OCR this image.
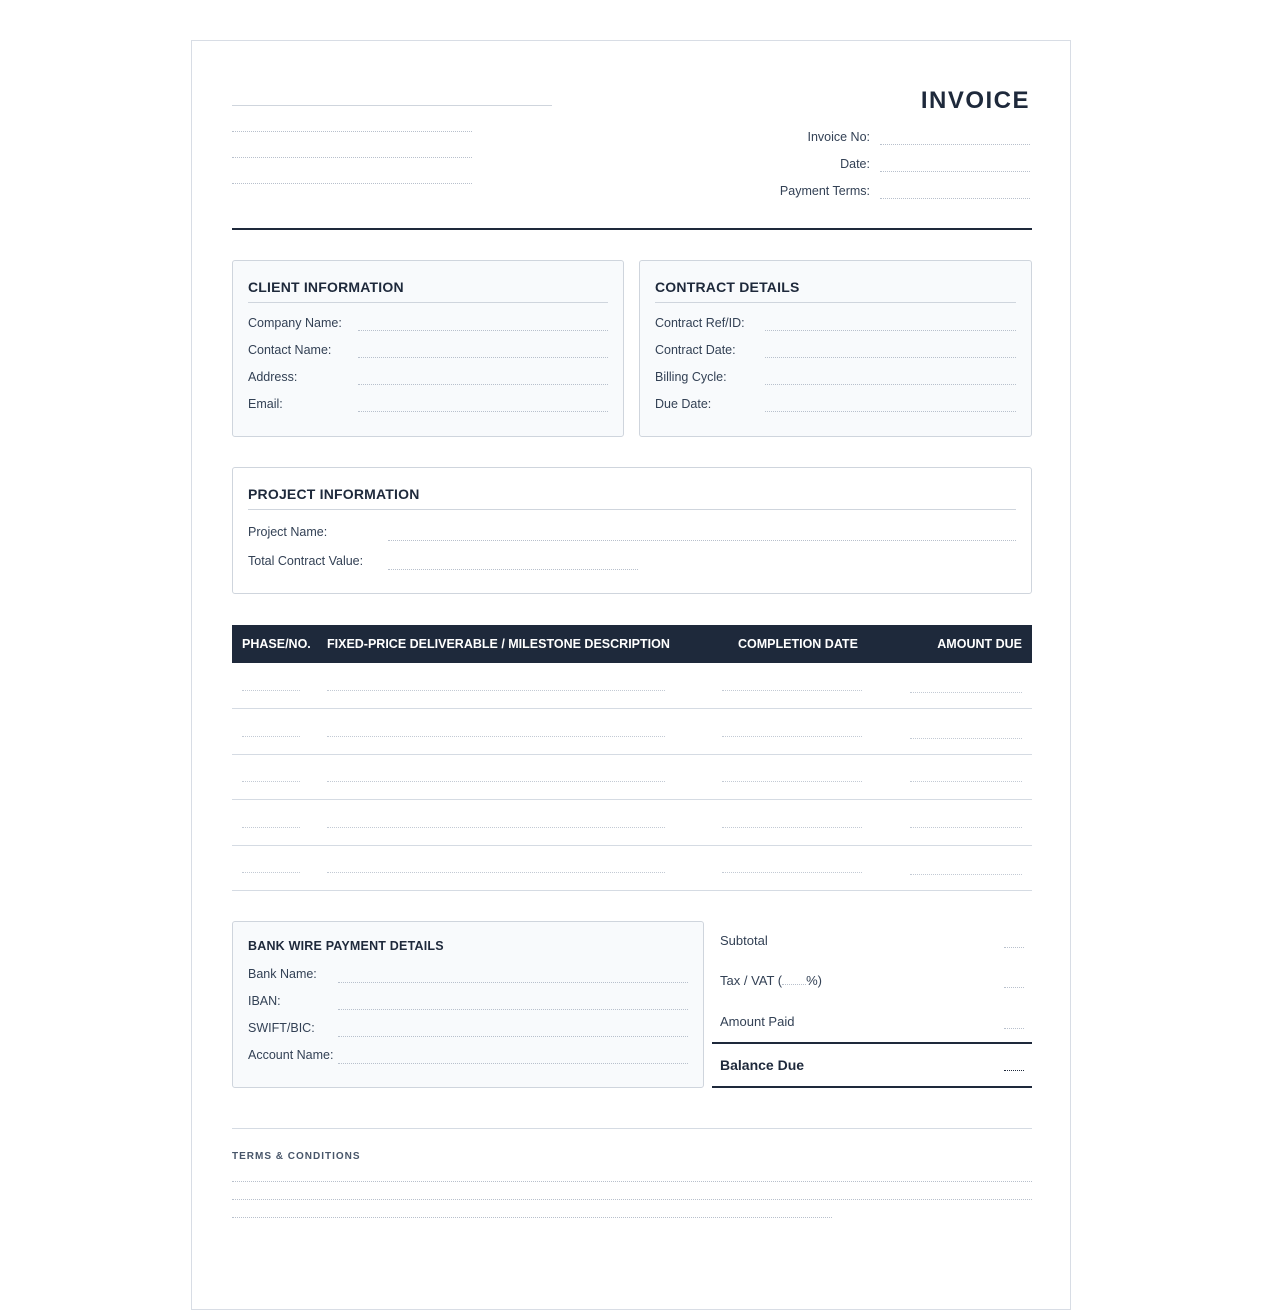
INVOICE
Invoice No:
Date:
Payment Terms:
CLIENT INFORMATION
Company Name:
Contact Name:
Address:
Email:
CONTRACT DETAILS
Contract Ref/ID:
Contract Date:
Billing Cycle:
Due Date:
PROJECT INFORMATION
Project Name:
Total Contract Value:
PHASE/NO. FIXED-PRICE DELIVERABLE / MILESTONE DESCRIPTION	COMPLETION DATE	AMOUNT DUE
BANK WIRE PAYMENT DETAILS
Bank Name:
IBAN:
SWIFT/BIC:
Account Name:
Subtotal
Tax / VAT ( %)
Amount Paid
Balance Due
TERMS & CONDITIONS
